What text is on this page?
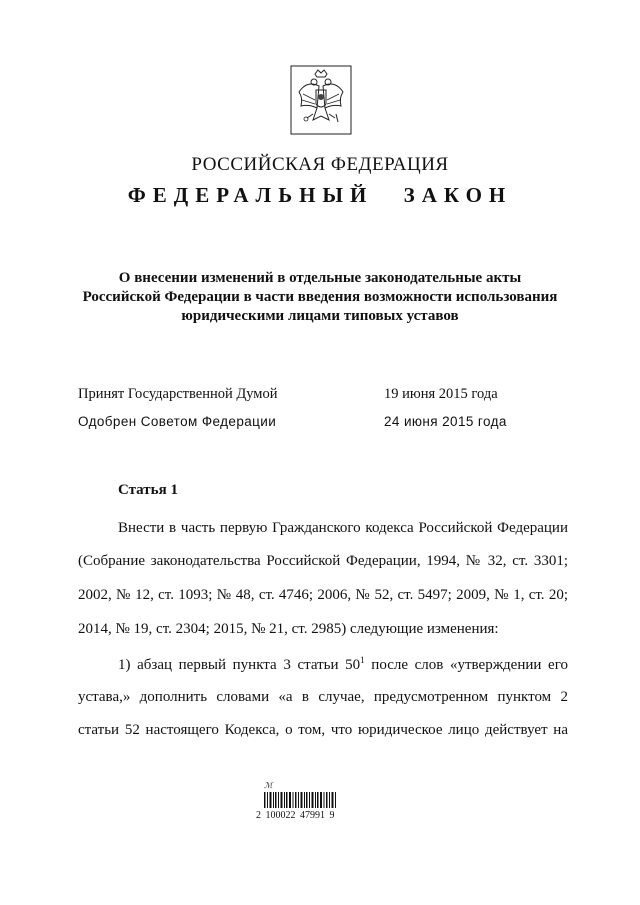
РОССИЙСКАЯ ФЕДЕРАЦИЯ
ФЕДЕРАЛЬНЫЙ ЗАКОН
О внесении изменений в отдельные законодательные акты
Российской Федерации в части введения возможности использования
юридическими лицами типовых уставов
Принят Государственной Думой	19 июня 2015 года
Одобрен Советом Федерации	24 июня 2015 года
Статья 1
Внести в часть первую Гражданского кодекса Российской Федерации
(Собрание законодательства Российской Федерации, 1994, № 32, ст. 3301;
2002, № 12, ст. 1093; № 48, ст. 4746; 2006, № 52, ст. 5497; 2009, № 1, ст. 20;
2014, № 19, ст. 2304; 2015, № 21, ст. 2985) следующие изменения:
1) абзац первый пункта 3 статьи $50^1$ после слов «утверждении его
устава,» дополнить словами «а в случае, предусмотренном пунктом 2
статьи 52 настоящего Кодекса, о том, что юридическое лицо действует на
ℳ
2 100022 47991 9
